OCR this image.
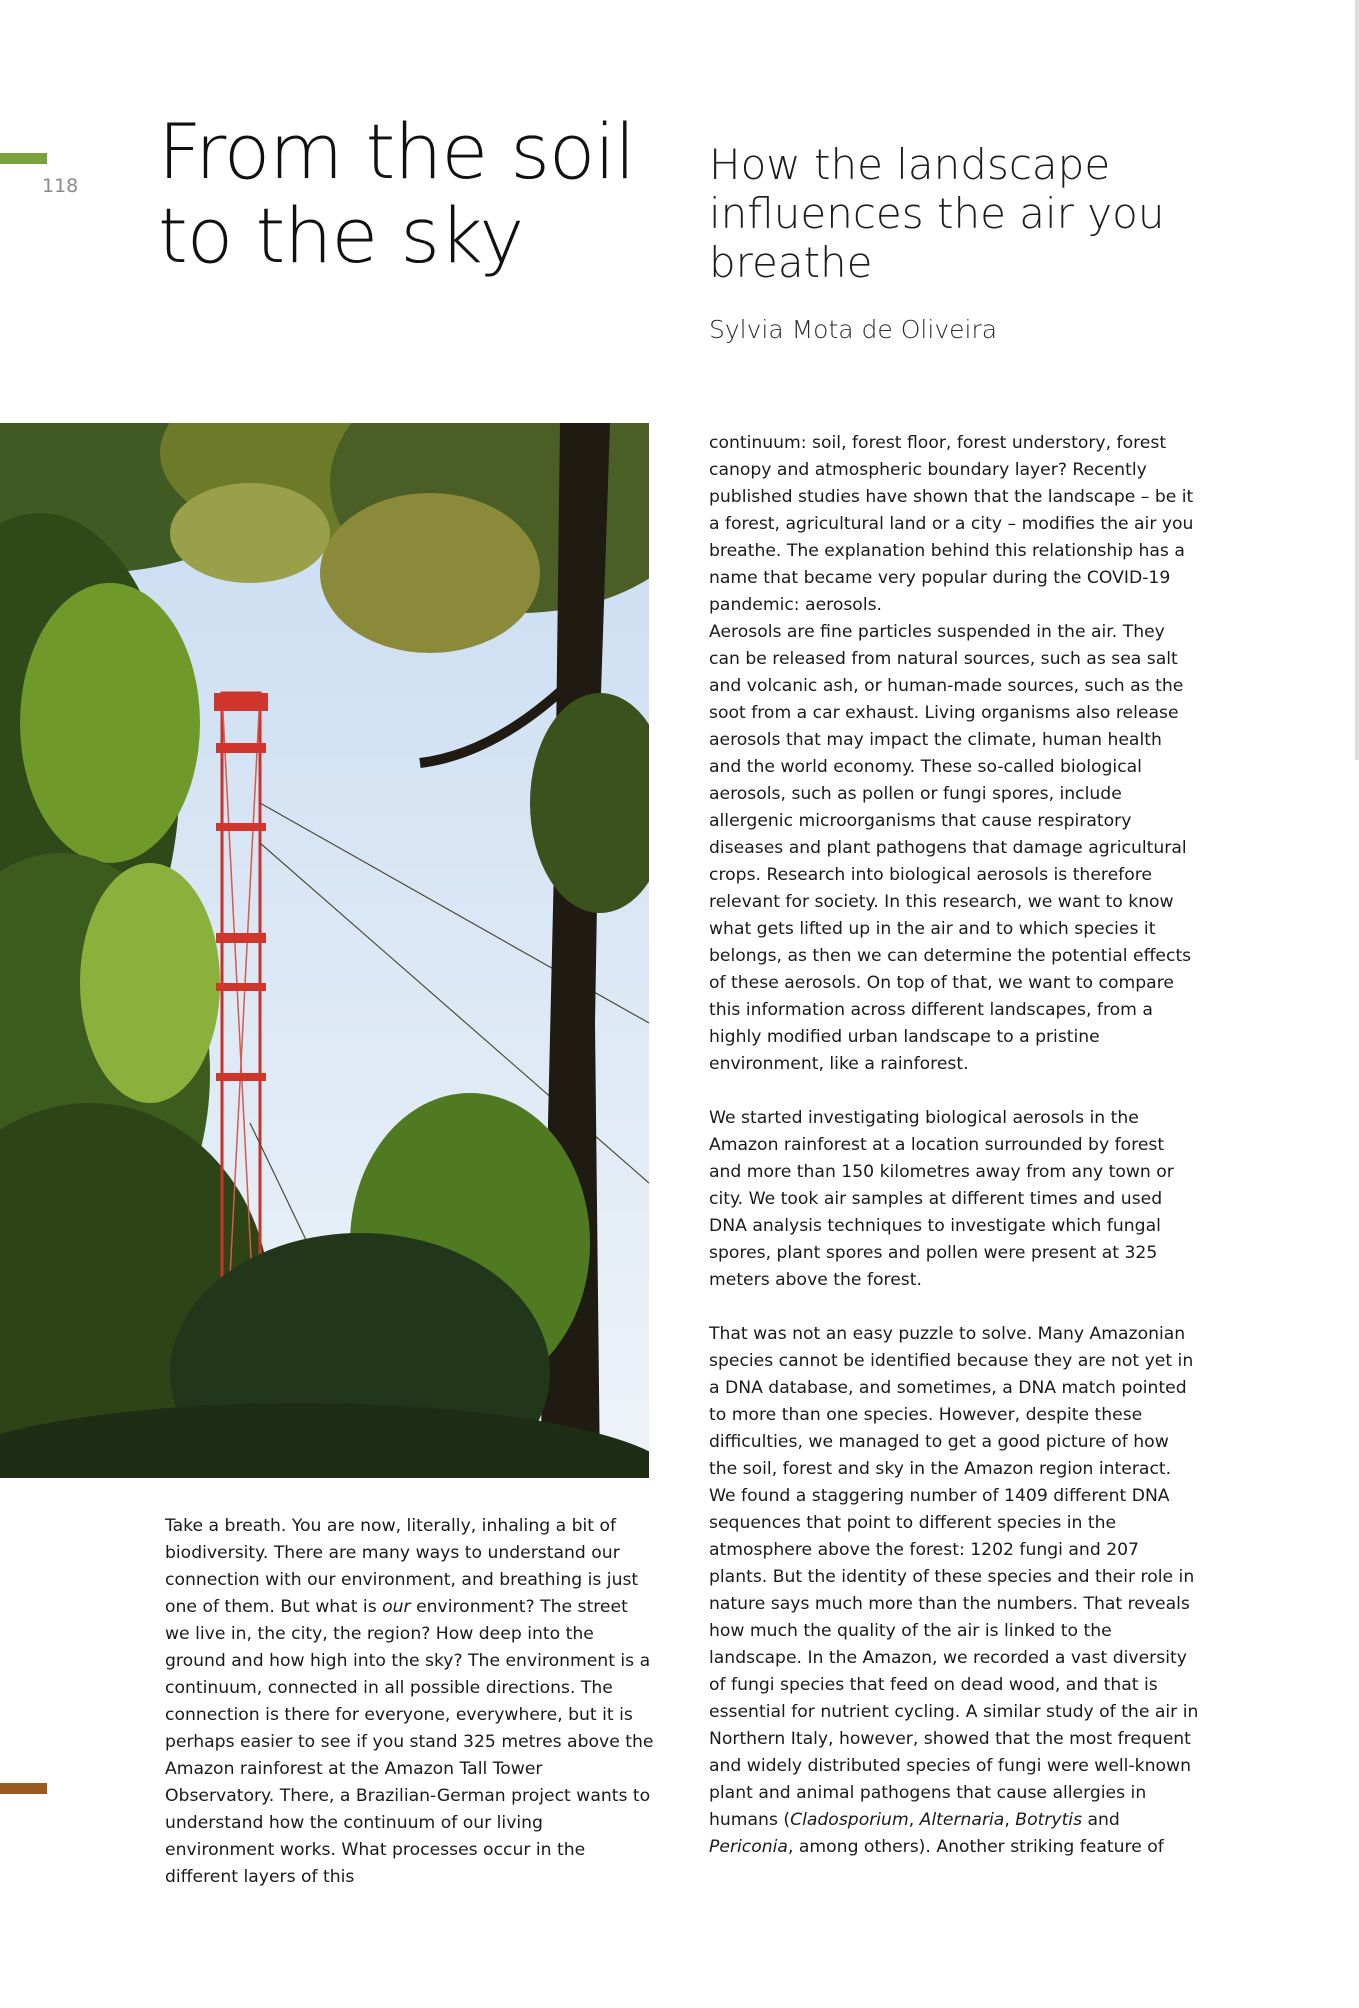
118 From the soil
to the sky
How the landscape influences the air you breathe
Sylvia Mota de Oliveira

Take a breath. You are now, literally, inhaling a bit of biodiversity. There are many ways to understand our connection with our environment, and breathing is just one of them. But what is our environment? The street we live in, the city, the region? How deep into the ground and how high into the sky? The environment is a continuum, connected in all possible directions. The connection is there for everyone, everywhere, but it is perhaps easier to see if you stand 325 metres above the Amazon rainforest at the Amazon Tall Tower Observatory. There, a Brazilian-German project wants to understand how the continuum of our living environment works. What processes occur in the different layers of this

continuum: soil, forest floor, forest understory, forest canopy and atmospheric boundary layer? Recently published studies have shown that the landscape – be it a forest, agricultural land or a city – modifies the air you breathe. The explanation behind this relationship has a name that became very popular during the COVID-19 pandemic: aerosols.

Aerosols are fine particles suspended in the air. They can be released from natural sources, such as sea salt and volcanic ash, or human-made sources, such as the soot from a car exhaust. Living organisms also release aerosols that may impact the climate, human health and the world economy. These so-called biological aerosols, such as pollen or fungi spores, include allergenic microorganisms that cause respiratory diseases and plant pathogens that damage agricultural crops. Research into biological aerosols is therefore relevant for society. In this research, we want to know what gets lifted up in the air and to which species it belongs, as then we can determine the potential effects of these aerosols. On top of that, we want to compare this information across different landscapes, from a highly modified urban landscape to a pristine environment, like a rainforest.

We started investigating biological aerosols in the Amazon rainforest at a location surrounded by forest and more than 150 kilometres away from any town or city. We took air samples at different times and used DNA analysis techniques to investigate which fungal spores, plant spores and pollen were present at 325 meters above the forest.

That was not an easy puzzle to solve. Many Amazonian species cannot be identified because they are not yet in a DNA database, and sometimes, a DNA match pointed to more than one species. However, despite these difficulties, we managed to get a good picture of how the soil, forest and sky in the Amazon region interact. We found a staggering number of 1409 different DNA sequences that point to different species in the atmosphere above the forest: 1202 fungi and 207 plants. But the identity of these species and their role in nature says much more than the numbers. That reveals how much the quality of the air is linked to the landscape. In the Amazon, we recorded a vast diversity of fungi species that feed on dead wood, and that is essential for nutrient cycling. A similar study of the air in Northern Italy, however, showed that the most frequent and widely distributed species of fungi were well-known plant and animal pathogens that cause allergies in humans (Cladosporium, Alternaria, Botrytis and Periconia, among others). Another striking feature of
